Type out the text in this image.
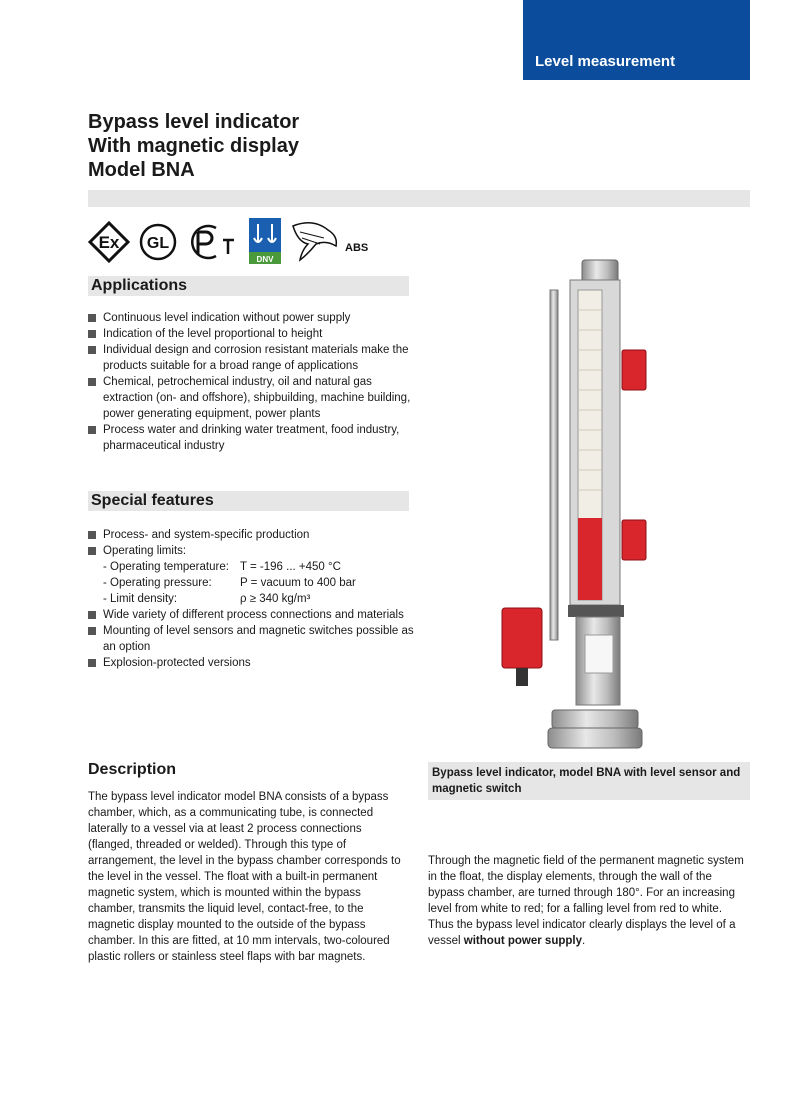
Level measurement
Bypass level indicator
With magnetic display
Model BNA
Ex GL
DNV
ABS
Applications
Continuous level indication without power supply
Indication of the level proportional to height
Individual design and corrosion resistant materials make the products suitable for a broad range of applications
Chemical, petrochemical industry, oil and natural gas extraction (on- and offshore), shipbuilding, machine building, power generating equipment, power plants
Process water and drinking water treatment, food industry, pharmaceutical industry
Special features
Process- and system-specific production
Operating limits:
- Operating temperature: T = -196 ... +450 °C
- Operating pressure:	P = vacuum to 400 bar
- Limit density:	ρ ≥ 340 kg/m³
Wide variety of different process connections and materials
Mounting of level sensors and magnetic switches possible as an option
Explosion-protected versions
Description
The bypass level indicator model BNA consists of a bypass chamber, which, as a communicating tube, is connected laterally to a vessel via at least 2 process connections (flanged, threaded or welded). Through this type of arrangement, the level in the bypass chamber corresponds to the level in the vessel. The float with a built-in permanent magnetic system, which is mounted within the bypass chamber, transmits the liquid level, contact-free, to the magnetic display mounted to the outside of the bypass chamber. In this are fitted, at 10 mm intervals, two-coloured plastic rollers or stainless steel flaps with bar magnets.
Bypass level indicator, model BNA with level sensor and magnetic switch
Through the magnetic field of the permanent magnetic system in the float, the display elements, through the wall of the bypass chamber, are turned through 180°. For an increasing level from white to red; for a falling level from red to white.
Thus the bypass level indicator clearly displays the level of a vessel without power supply.
